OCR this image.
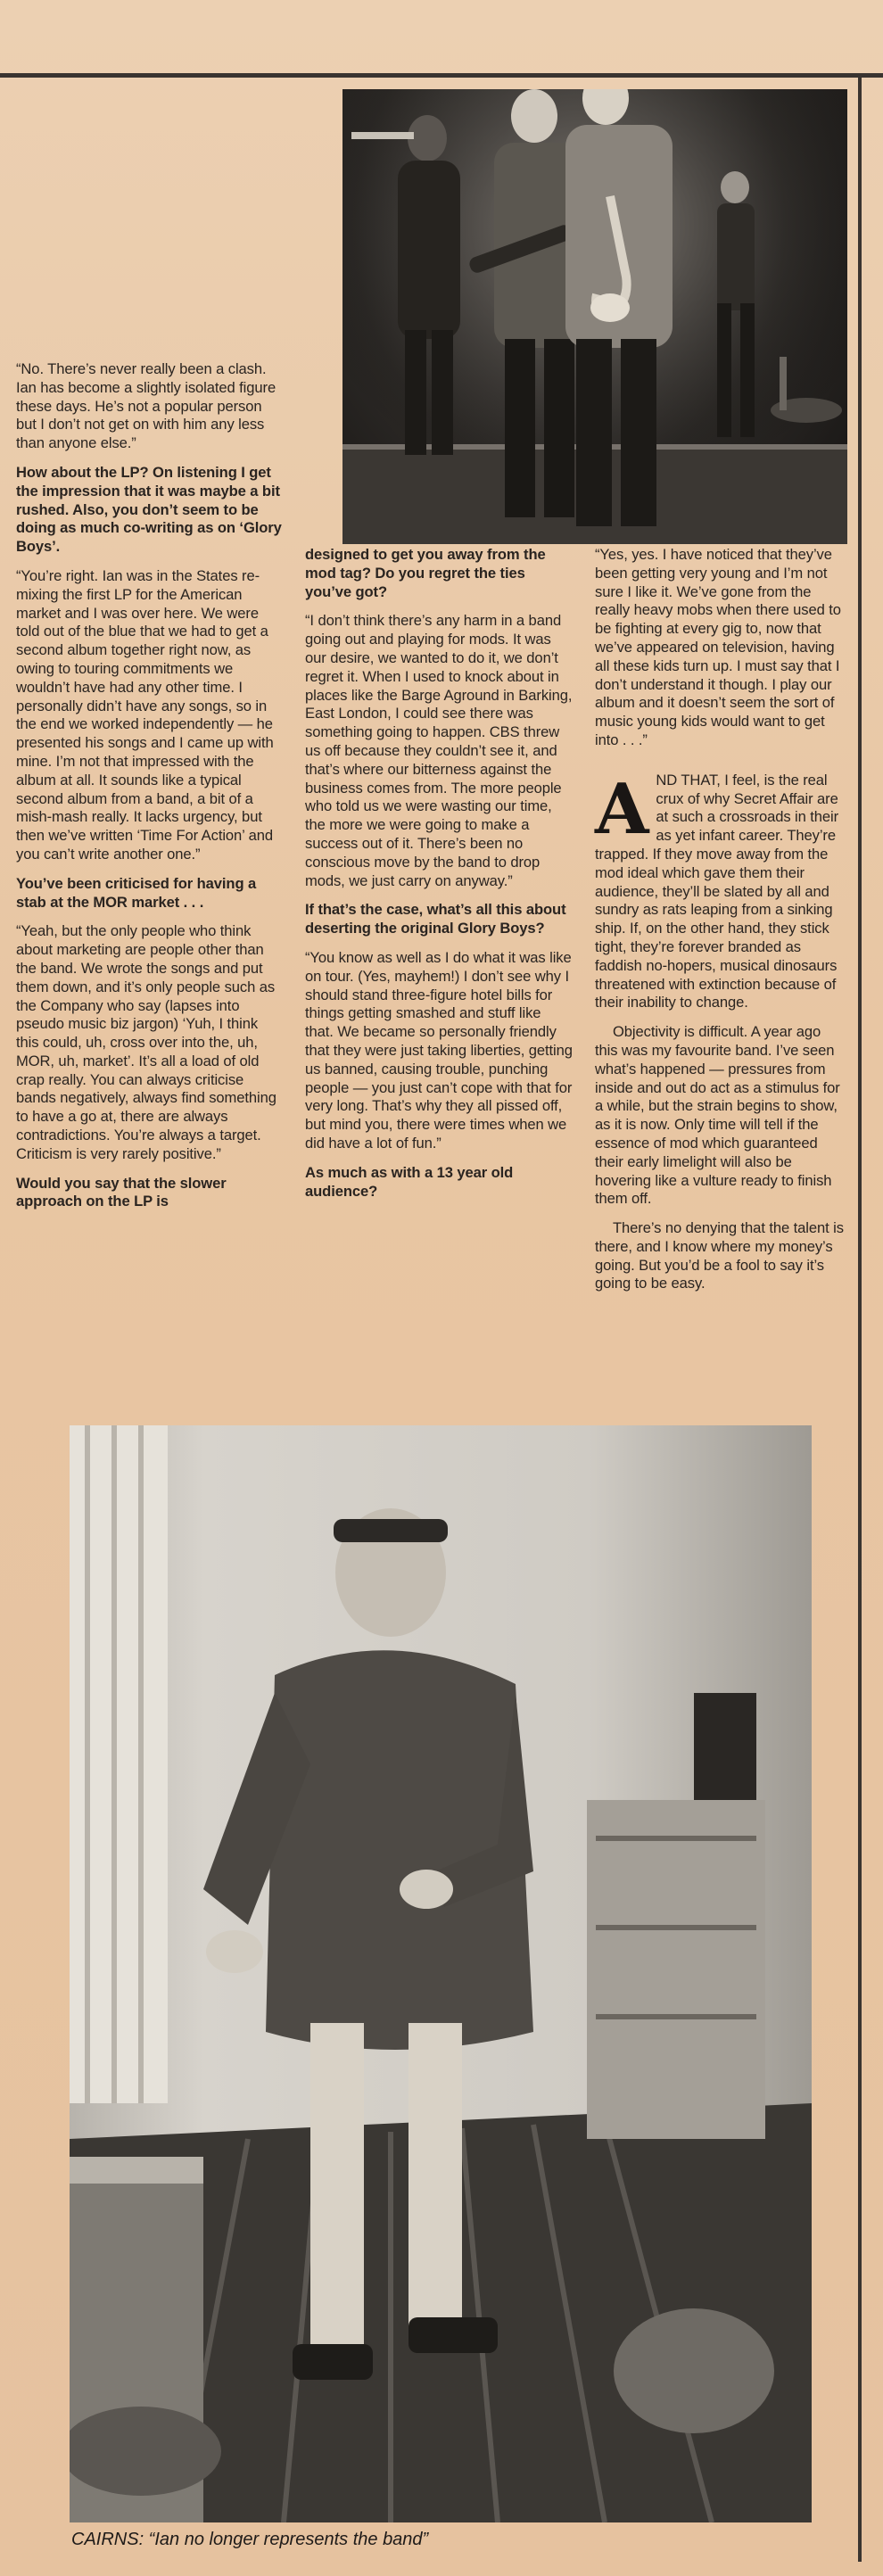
“No. There’s never really been a clash. Ian has become a slightly isolated figure these days. He’s not a popular person but I don’t not get on with him any less than anyone else.”

How about the LP? On listening I get the impression that it was maybe a bit rushed. Also, you don’t seem to be doing as much co-writing as on ‘Glory Boys’.

“You’re right. Ian was in the States re-mixing the first LP for the American market and I was over here. We were told out of the blue that we had to get a second album together right now, as owing to touring commitments we wouldn’t have had any other time. I personally didn’t have any songs, so in the end we worked independently — he presented his songs and I came up with mine. I’m not that impressed with the album at all. It sounds like a typical second album from a band, a bit of a mish-mash really. It lacks urgency, but then we’ve written ‘Time For Action’ and you can’t write another one.”

You’ve been criticised for having a stab at the MOR market . . .

“Yeah, but the only people who think about marketing are people other than the band. We wrote the songs and put them down, and it’s only people such as the Company who say (lapses into pseudo music biz jargon) ‘Yuh, I think this could, uh, cross over into the, uh, MOR, uh, market’. It’s all a load of old crap really. You can always criticise bands negatively, always find something to have a go at, there are always contradictions. You’re always a target. Criticism is very rarely positive.”

Would you say that the slower approach on the LP is

designed to get you away from the mod tag? Do you regret the ties you’ve got?

“I don’t think there’s any harm in a band going out and playing for mods. It was our desire, we wanted to do it, we don’t regret it. When I used to knock about in places like the Barge Aground in Barking, East London, I could see there was something going to happen. CBS threw us off because they couldn’t see it, and that’s where our bitterness against the business comes from. The more people who told us we were wasting our time, the more we were going to make a success out of it. There’s been no conscious move by the band to drop mods, we just carry on anyway.”

If that’s the case, what’s all this about deserting the original Glory Boys?

“You know as well as I do what it was like on tour. (Yes, mayhem!) I don’t see why I should stand three-figure hotel bills for things getting smashed and stuff like that. We became so personally friendly that they were just taking liberties, getting us banned, causing trouble, punching people — you just can’t cope with that for very long. That’s why they all pissed off, but mind you, there were times when we did have a lot of fun.”

As much as with a 13 year old audience?

“Yes, yes. I have noticed that they’ve been getting very young and I’m not sure I like it. We’ve gone from the really heavy mobs when there used to be fighting at every gig to, now that we’ve appeared on television, having all these kids turn up. I must say that I don’t understand it though. I play our album and it doesn’t seem the sort of music young kids would want to get into . . .”

AND THAT, I feel, is the real crux of why Secret Affair are at such a crossroads in their as yet infant career. They’re trapped. If they move away from the mod ideal which gave them their audience, they’ll be slated by all and sundry as rats leaping from a sinking ship. If, on the other hand, they stick tight, they’re forever branded as faddish no-hopers, musical dinosaurs threatened with extinction because of their inability to change.

Objectivity is difficult. A year ago this was my favourite band. I’ve seen what’s happened — pressures from inside and out do act as a stimulus for a while, but the strain begins to show, as it is now. Only time will tell if the essence of mod which guaranteed their early limelight will also be hovering like a vulture ready to finish them off.

There’s no denying that the talent is there, and I know where my money’s going. But you’d be a fool to say it’s going to be easy.

CAIRNS: “Ian no longer represents the band”
